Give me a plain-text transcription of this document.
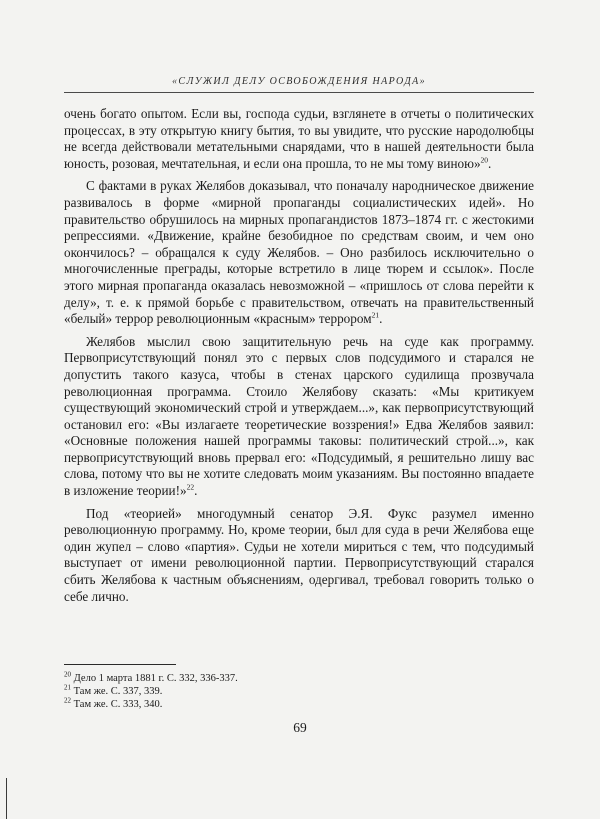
«СЛУЖИЛ ДЕЛУ ОСВОБОЖДЕНИЯ НАРОДА»

очень богато опытом. Если вы, господа судьи, взглянете в отчеты о политических процессах, в эту открытую книгу бытия, то вы увидите, что русские народолюбцы не всегда действовали метательными снарядами, что в нашей деятельности была юность, розовая, мечтательная, и если она прошла, то не мы тому виною»$^{20}$.

С фактами в руках Желябов доказывал, что поначалу народническое движение развивалось в форме «мирной пропаганды социалистических идей». Но правительство обрушилось на мирных пропагандистов 1873–1874 гг. с жестокими репрессиями. «Движение, крайне безобидное по средствам своим, и чем оно окончилось? – обращался к суду Желябов. – Оно разбилось исключительно о многочисленные преграды, которые встретило в лице тюрем и ссылок». После этого мирная пропаганда оказалась невозможной – «пришлось от слова перейти к делу», т. е. к прямой борьбе с правительством, отвечать на правительственный «белый» террор революционным «красным» террором$^{21}$.

Желябов мыслил свою защитительную речь на суде как программу. Первоприсутствующий понял это с первых слов подсудимого и старался не допустить такого казуса, чтобы в стенах царского судилища прозвучала революционная программа. Стоило Желябову сказать: «Мы критикуем существующий экономический строй и утверждаем...», как первоприсутствующий остановил его: «Вы излагаете теоретические воззрения!» Едва Желябов заявил: «Основные положения нашей программы таковы: политический строй...», как первоприсутствующий вновь прервал его: «Подсудимый, я решительно лишу вас слова, потому что вы не хотите следовать моим указаниям. Вы постоянно впадаете в изложение теории!»$^{22}$.

Под «теорией» многодумный сенатор Э.Я. Фукс разумел именно революционную программу. Но, кроме теории, был для суда в речи Желябова еще один жупел – слово «партия». Судьи не хотели мириться с тем, что подсудимый выступает от имени революционной партии. Первоприсутствующий старался сбить Желябова к частным объяснениям, одергивал, требовал говорить только о себе лично.

$^{20}$ Дело 1 марта 1881 г. С. 332, 336-337.
$^{21}$ Там же. С. 337, 339.
$^{22}$ Там же. С. 333, 340.
69
